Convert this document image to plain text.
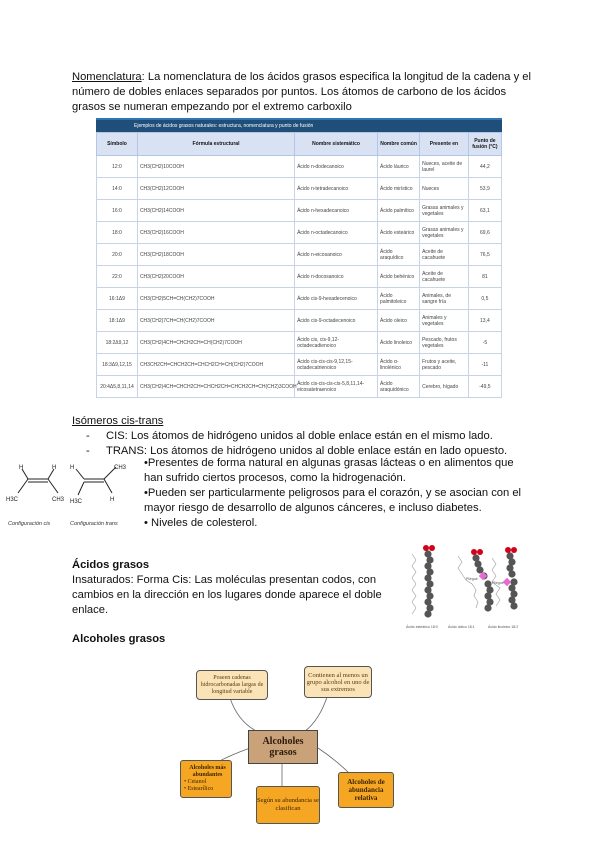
Nomenclatura: La nomenclatura de los ácidos grasos especifica la longitud de la cadena y el

número de dobles enlaces separados por puntos. Los átomos de carbono de los ácidos

grasos se numeran empezando por el extremo carboxilo

Ejemplos de ácidos grasos naturales: estructura, nomenclatura y punto de fusión
Símbolo	Fórmula estructural	Nombre sistemático	Nombre común	Presente en	Punto de fusión (°C)
12:0	CH3(CH2)10COOH	Ácido n-dodecanoico	Ácido láurico	Nueces, aceite de laurel	44,2
14:0	CH3(CH2)12COOH	Ácido n-tetradecanoico	Ácido mirístico	Nueces	53,9
16:0	CH3(CH2)14COOH	Ácido n-hexadecanoico	Ácido palmítico	Grasas animales y vegetales	63,1
18:0	CH3(CH2)16COOH	Ácido n-octadecanoico	Ácido esteárico	Grasas animales y vegetales	69,6
20:0	CH3(CH2)18COOH	Ácido n-eicosanoico	Ácido araquídico	Aceite de cacahuete	76,5
22:0	CH3(CH2)20COOH	Ácido n-docosanoico	Ácido behénico	Aceite de cacahuete	81
16:1Δ9	CH3(CH2)5CH=CH(CH2)7COOH	Ácido cis-9-hexadecenoico	Ácido palmitoleico	Animales, de sangre fría	0,5
18:1Δ9	CH3(CH2)7CH=CH(CH2)7COOH	Ácido cis-9-octadecenoico	Ácido oleico	Animales y vegetales	13,4
18:2Δ9,12	CH3(CH2)4CH=CHCH2CH=CH(CH2)7COOH	Ácido cis, cis-9,12-octadecadienoico	Ácido linoleico	Pescado, frutos vegetales	-5
18:3Δ9,12,15	CH3CH2CH=CHCH2CH=CHCH2CH=CH(CH2)7COOH	Ácido cis-cis-cis-9,12,15-octadecatrienoico	Ácido α-linolénico	Frutos y aceite, pescado	-11
20:4Δ5,8,11,14	CH3(CH2)4CH=CHCH2CH=CHCH2CH=CHCH2CH=CH(CH2)3COOH	Ácido cis-cis-cis-cis-5,8,11,14-eicosatetraenoico	Ácido araquidónico	Cerebro, hígado	-49,5

Isómeros cis-trans

- CIS: Los átomos de hidrógeno unidos al doble enlace están en el mismo lado.
- TRANS: Los átomos de hidrógeno unidos al doble enlace están en lado opuesto.
H	H
H3C	CH3
H
H3C
CH3
H
Configuración cis	Configuración trans

•Presentes de forma natural en algunas grasas lácteas o en alimentos que

han sufrido ciertos procesos, como la hidrogenación.

•Pueden ser particularmente peligrosos para el corazón, y se asocian con el

mayor riesgo de desarrollo de algunos cánceres, e incluso diabetes.

• Niveles de colesterol.

Ácidos grasos

Insaturados: Forma Cis: Las moléculas presentan codos, con

cambios en la dirección en los lugares donde aparece el doble

enlace.

Ácido esteárico 18:0	Ácido oleico 18:1	Ácido linoleico 18:2
Pliegue
Pliegue

Alcoholes grasos

Poseen cadenas hidrocarbonadas largas de longitud variable
Contienen al menos un grupo alcohol en uno de sus extremos
Alcoholes grasos
Alcoholes más abundantes
• Cetanol
• Estearílico
Alcoholes de abundancia relativa
Según su abundancia se clasifican
